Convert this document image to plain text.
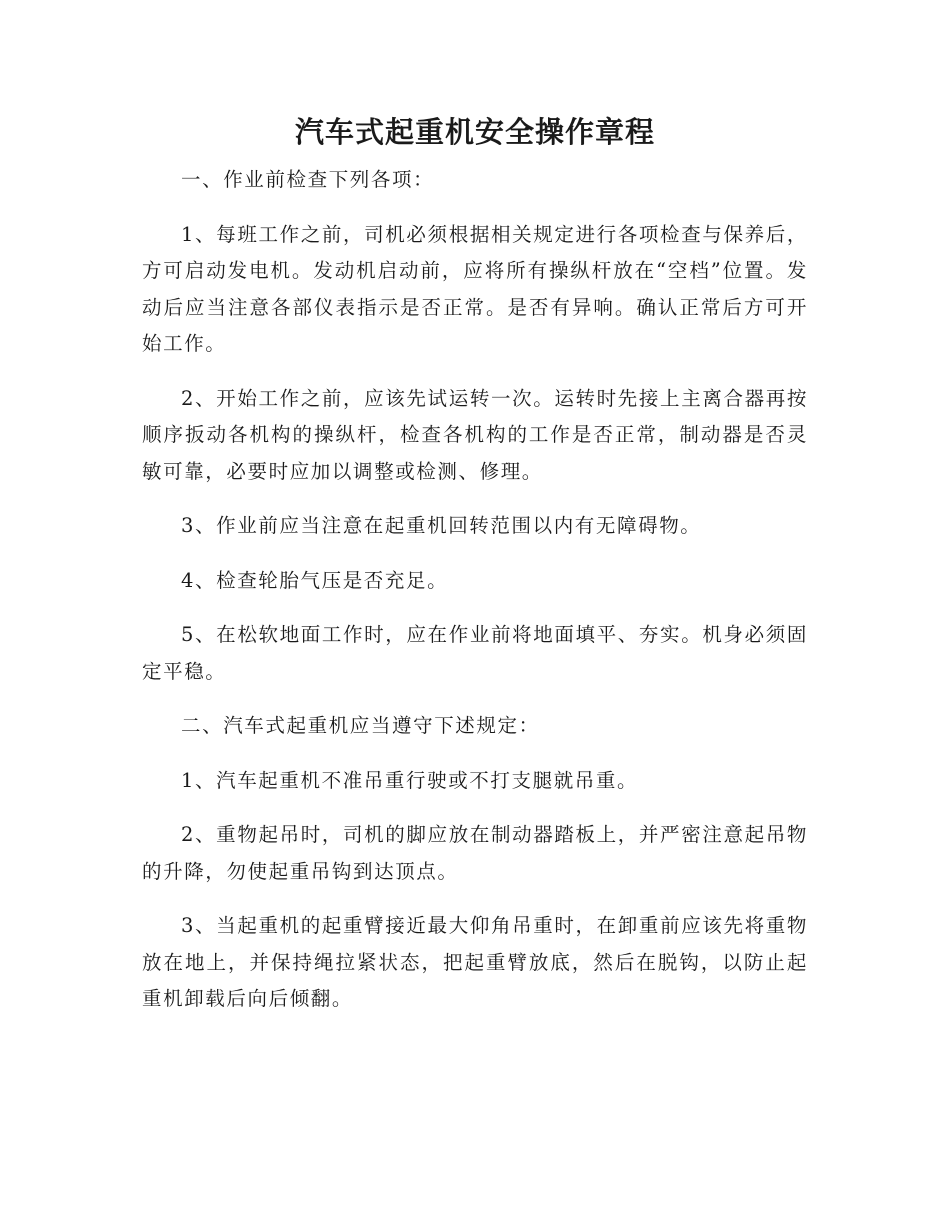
汽车式起重机安全操作章程

一、作业前检查下列各项：

1、每班工作之前，司机必须根据相关规定进行各项检查与保养后，方可启动发电机。发动机启动前，应将所有操纵杆放在“空档”位置。发动后应当注意各部仪表指示是否正常。是否有异响。确认正常后方可开始工作。

2、开始工作之前，应该先试运转一次。运转时先接上主离合器再按顺序扳动各机构的操纵杆，检查各机构的工作是否正常，制动器是否灵敏可靠，必要时应加以调整或检测、修理。

3、作业前应当注意在起重机回转范围以内有无障碍物。

4、检查轮胎气压是否充足。

5、在松软地面工作时，应在作业前将地面填平、夯实。机身必须固定平稳。

二、汽车式起重机应当遵守下述规定：

1、汽车起重机不准吊重行驶或不打支腿就吊重。

2、重物起吊时，司机的脚应放在制动器踏板上，并严密注意起吊物的升降，勿使起重吊钩到达顶点。

3、当起重机的起重臂接近最大仰角吊重时，在卸重前应该先将重物放在地上，并保持绳拉紧状态，把起重臂放底，然后在脱钩，以防止起重机卸载后向后倾翻。
